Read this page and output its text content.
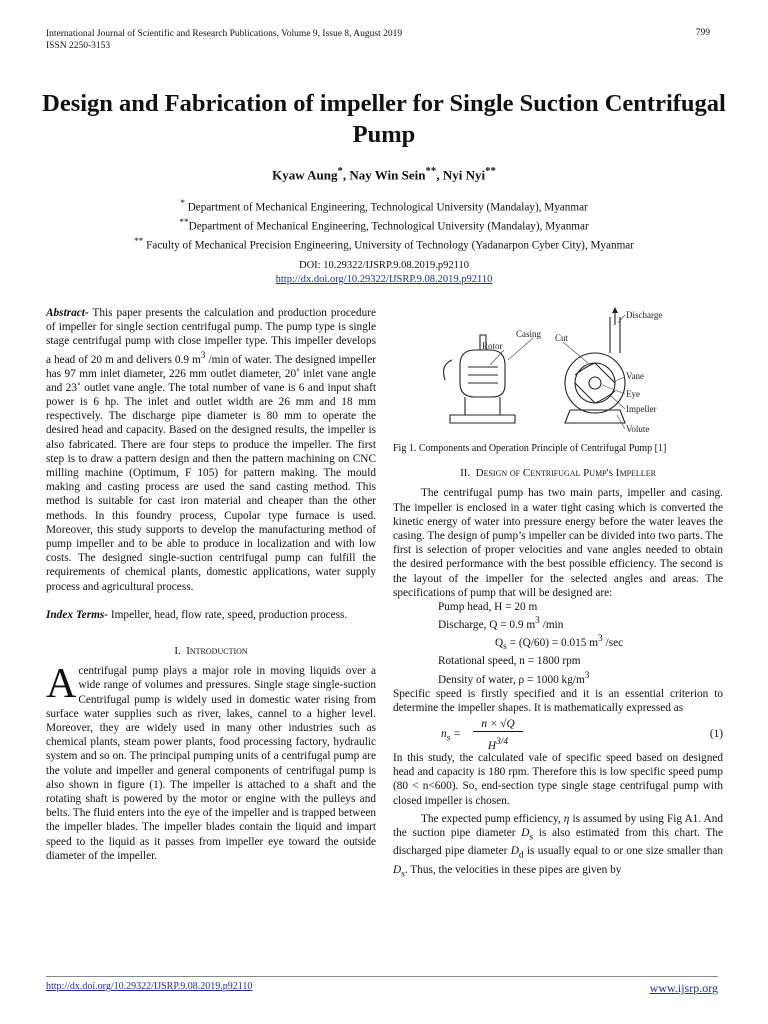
International Journal of Scientific and Research Publications, Volume 9, Issue 8, August 2019
ISSN 2250-3153
799
Design and Fabrication of impeller for Single Suction Centrifugal Pump
Kyaw Aung*, Nay Win Sein**, Nyi Nyi**
* Department of Mechanical Engineering, Technological University (Mandalay), Myanmar
**Department of Mechanical Engineering, Technological University (Mandalay), Myanmar
** Faculty of Mechanical Precision Engineering, University of Technology (Yadanarpon Cyber City), Myanmar
DOI: 10.29322/IJSRP.9.08.2019.p92110
http://dx.doi.org/10.29322/IJSRP.9.08.2019.p92110

Abstract- This paper presents the calculation and production procedure of impeller for single section centrifugal pump. The pump type is single stage centrifugal pump with close impeller type. This impeller develops a head of 20 m and delivers 0.9 $m^3$ /min of water. The designed impeller has 97 mm inlet diameter, 226 mm outlet diameter, 20˚ inlet vane angle and 23˚ outlet vane angle. The total number of vane is 6 and input shaft power is 6 hp. The inlet and outlet width are 26 mm and 18 mm respectively. The discharge pipe diameter is 80 mm to operate the desired head and capacity. Based on the designed results, the impeller is also fabricated. There are four steps to produce the impeller. The first step is to draw a pattern design and then the pattern machining on CNC milling machine (Optimum, F 105) for pattern making. The mould making and casting process are used the sand casting method. This method is suitable for cast iron material and cheaper than the other methods. In this foundry process, Cupolar type furnace is used. Moreover, this study supports to develop the manufacturing method of pump impeller and to be able to produce in localization and with low costs. The designed single-suction centrifugal pump can fulfill the requirements of chemical plants, domestic applications, water supply process and agricultural process.

Index Terms- Impeller, head, flow rate, speed, production process.

I. Introduction

A centrifugal pump plays a major role in moving liquids over a wide range of volumes and pressures. Single stage single-suction Centrifugal pump is widely used in domestic water rising from surface water supplies such as river, lakes, cannel to a higher level. Moreover, they are widely used in many other industries such as chemical plants, steam power plants, food processing factory, hydraulic system and so on. The principal pumping units of a centrifugal pump are the volute and impeller and general components of centrifugal pump is also shown in figure (1). The impeller is attached to a shaft and the rotating shaft is powered by the motor or engine with the pulleys and belts. The fluid enters into the eye of the impeller and is trapped between the impeller blades. The impeller blades contain the liquid and impart speed to the liquid as it passes from impeller eye toward the outside diameter of the impeller.

Discharge
Casing
Rotor
Cut
Vane
Eye
Impeller
Volute

Fig 1. Components and Operation Principle of Centrifugal Pump [1]

II. Design of Centrifugal Pump's Impeller

The centrifugal pump has two main parts, impeller and casing. The impeller is enclosed in a water tight casing which is converted the kinetic energy of water into pressure energy before the water leaves the casing. The design of pump’s impeller can be divided into two parts. The first is selection of proper velocities and vane angles needed to obtain the desired performance with the best possible efficiency. The second is the layout of the impeller for the selected angles and areas. The specifications of pump that will be designed are:

Pump head, H = 20 m
Discharge, Q = 0.9 $m^3$ /min
$Q_s = (Q/60) = 0.015$ $m^3$ /sec
Rotational speed, n = 1800 rpm
Density of water, ρ = 1000 $kg/m^3$

Specific speed is firstly specified and it is an essential criterion to determine the impeller shapes. It is mathematically expressed as

$n_s$ =
n × √Q
$H^{3/4}$
(1)

In this study, the calculated vale of specific speed based on designed head and capacity is 180 rpm. Therefore this is low specific speed pump (80 < n<600). So, end-section type single stage centrifugal pump with closed impeller is chosen.

The expected pump efficiency, η is assumed by using Fig A1. And the suction pipe diameter $D_s$ is also estimated from this chart. The discharged pipe diameter $D_d$ is usually equal to or one size smaller than $D_s$. Thus, the velocities in these pipes are given by

http://dx.doi.org/10.29322/IJSRP.9.08.2019.p92110	www.ijsrp.org
